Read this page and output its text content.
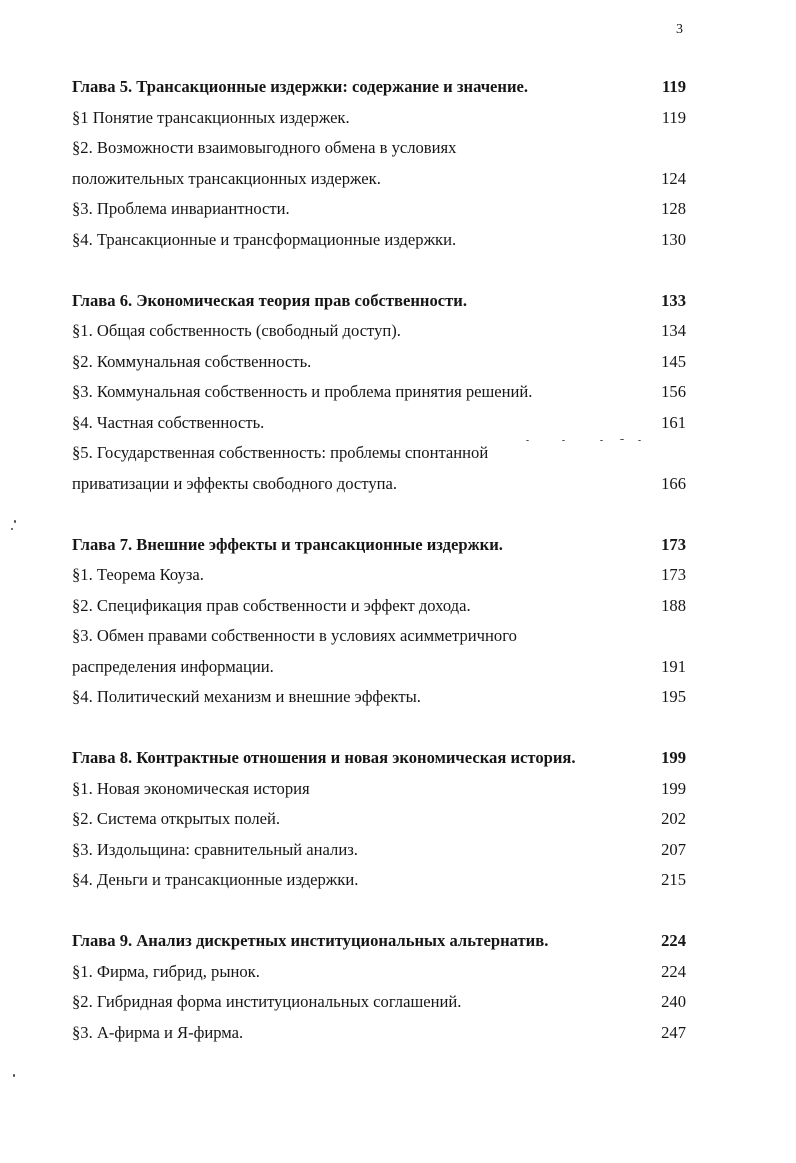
3
Глава 5. Трансакционные издержки: содержание и значение.	119
§1 Понятие трансакционных издержек.	119
§2. Возможности взаимовыгодного обмена в условиях
положительных трансакционных издержек.	124
§3. Проблема инвариантности.	128
§4. Трансакционные и трансформационные издержки.	130
Глава 6. Экономическая теория прав собственности.	133
§1. Общая собственность (свободный доступ).	134
§2. Коммунальная собственность.	145
§3. Коммунальная собственность и проблема принятия решений.	156
§4. Частная собственность.	161
§5. Государственная собственность: проблемы спонтанной
приватизации и эффекты свободного доступа.	166
Глава 7. Внешние эффекты и трансакционные издержки.	173
§1. Теорема Коуза.	173
§2. Спецификация прав собственности и эффект дохода.	188
§3. Обмен правами собственности в условиях асимметричного
распределения информации.	191
§4. Политический механизм и внешние эффекты.	195
Глава 8. Контрактные отношения и новая экономическая история.	199
§1. Новая экономическая история	199
§2. Система открытых полей.	202
§3. Издольщина: сравнительный анализ.	207
§4. Деньги и трансакционные издержки.	215
Глава 9. Анализ дискретных институциональных альтернатив.	224
§1. Фирма, гибрид, рынок.	224
§2. Гибридная форма институциональных соглашений.	240
§3. А-фирма и Я-фирма.	247
